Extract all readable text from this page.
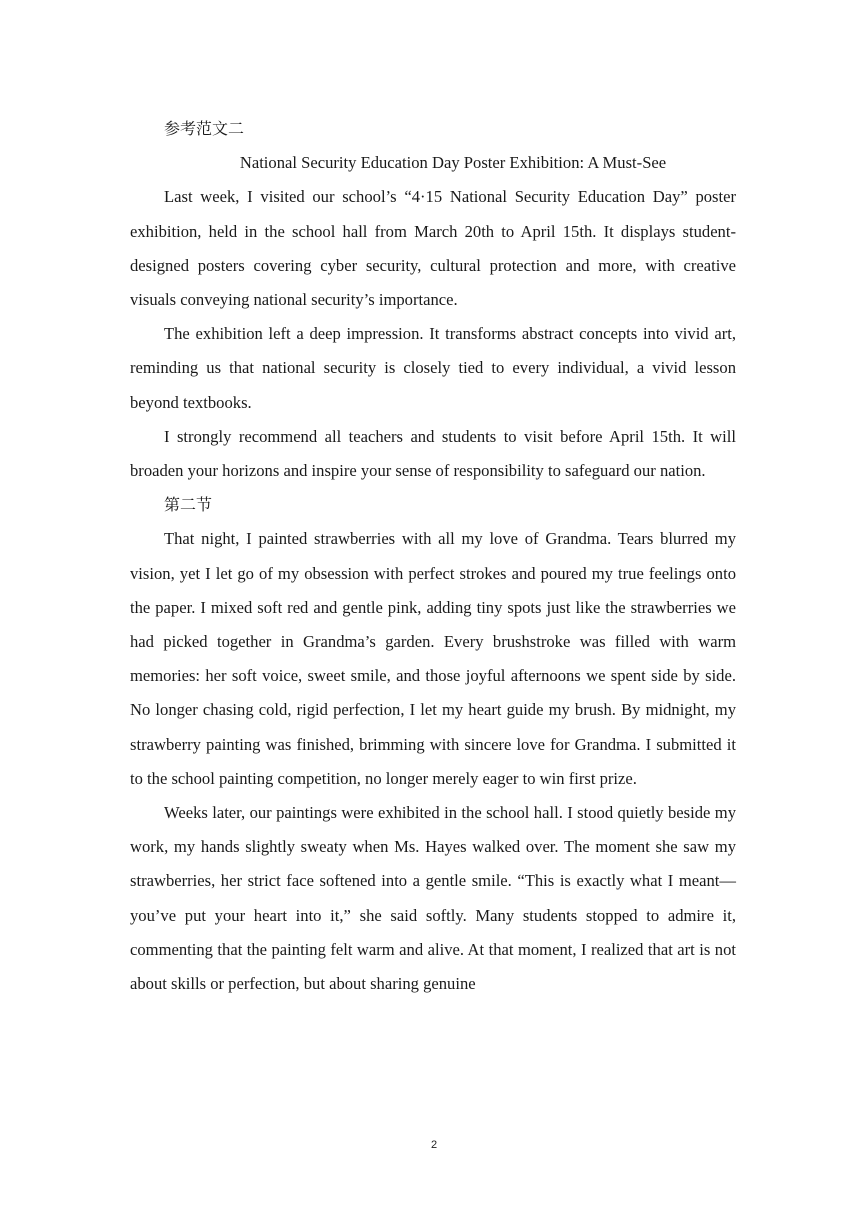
参考范文二

National Security Education Day Poster Exhibition: A Must-See

Last week, I visited our school’s “4·15 National Security Education Day” poster exhibition, held in the school hall from March 20th to April 15th. It displays student-designed posters covering cyber security, cultural protection and more, with creative visuals conveying national security’s importance.

The exhibition left a deep impression. It transforms abstract concepts into vivid art, reminding us that national security is closely tied to every individual, a vivid lesson beyond textbooks.

I strongly recommend all teachers and students to visit before April 15th. It will broaden your horizons and inspire your sense of responsibility to safeguard our nation.

第二节

That night, I painted strawberries with all my love of Grandma. Tears blurred my vision, yet I let go of my obsession with perfect strokes and poured my true feelings onto the paper. I mixed soft red and gentle pink, adding tiny spots just like the strawberries we had picked together in Grandma’s garden. Every brushstroke was filled with warm memories: her soft voice, sweet smile, and those joyful afternoons we spent side by side. No longer chasing cold, rigid perfection, I let my heart guide my brush. By midnight, my strawberry painting was finished, brimming with sincere love for Grandma. I submitted it to the school painting competition, no longer merely eager to win first prize.

Weeks later, our paintings were exhibited in the school hall. I stood quietly beside my work, my hands slightly sweaty when Ms. Hayes walked over. The moment she saw my strawberries, her strict face softened into a gentle smile. “This is exactly what I meant—you’ve put your heart into it,” she said softly. Many students stopped to admire it, commenting that the painting felt warm and alive. At that moment, I realized that art is not about skills or perfection, but about sharing genuine

2
